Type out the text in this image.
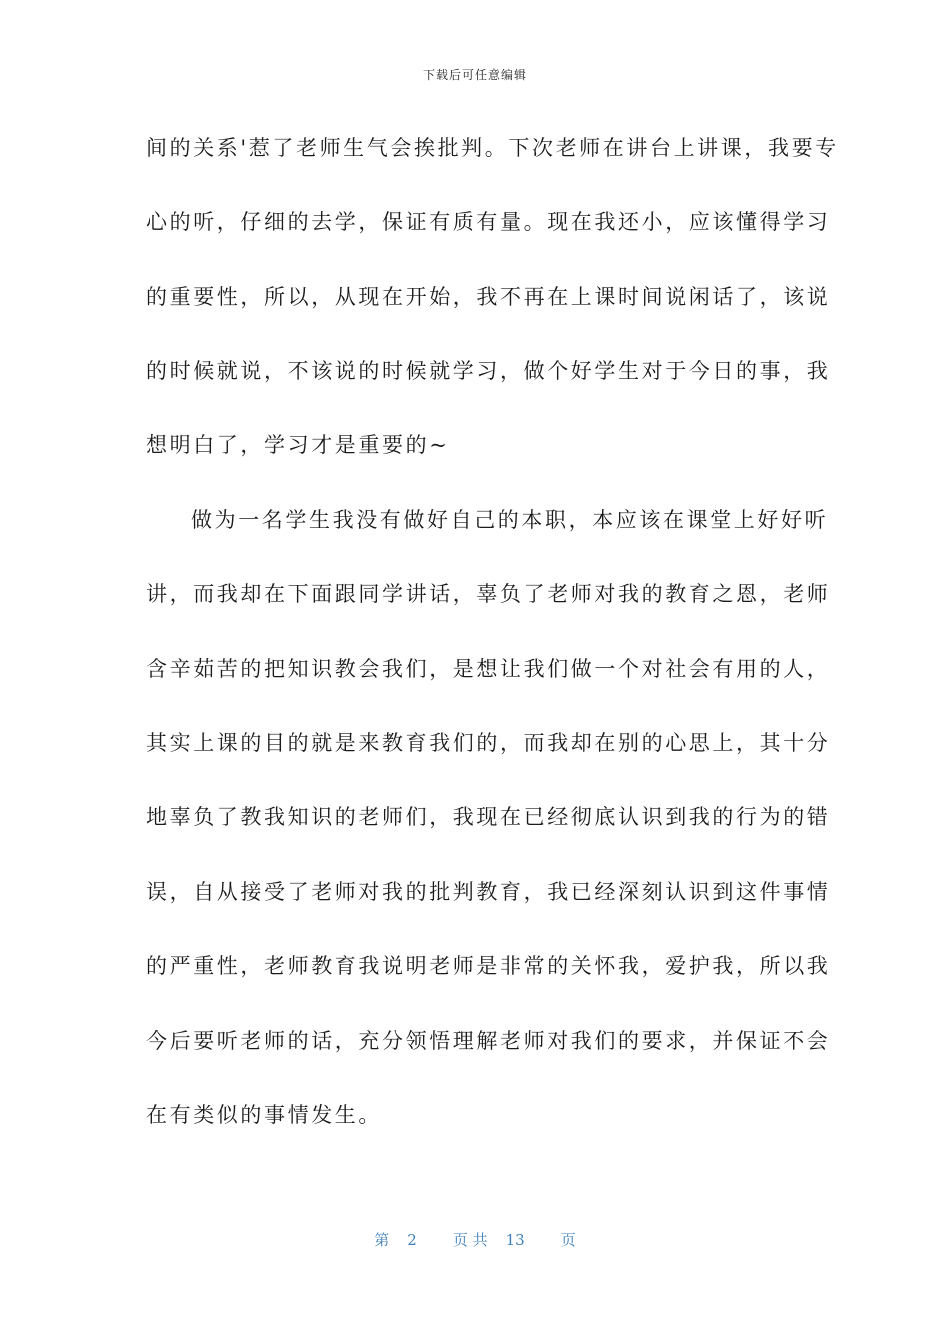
下载后可任意编辑
间的关系'惹了老师生气会挨批判。下次老师在讲台上讲课，我要专
心的听，仔细的去学，保证有质有量。现在我还小，应该懂得学习
的重要性，所以，从现在开始，我不再在上课时间说闲话了，该说
的时候就说，不该说的时候就学习，做个好学生对于今日的事，我
想明白了，学习才是重要的~
做为一名学生我没有做好自己的本职，本应该在课堂上好好听
讲，而我却在下面跟同学讲话，辜负了老师对我的教育之恩，老师
含辛茹苦的把知识教会我们，是想让我们做一个对社会有用的人，
其实上课的目的就是来教育我们的，而我却在别的心思上，其十分
地辜负了教我知识的老师们，我现在已经彻底认识到我的行为的错
误，自从接受了老师对我的批判教育，我已经深刻认识到这件事情
的严重性，老师教育我说明老师是非常的关怀我，爱护我，所以我
今后要听老师的话，充分领悟理解老师对我们的要求，并保证不会
在有类似的事情发生。
第 2 页 共 13 页
